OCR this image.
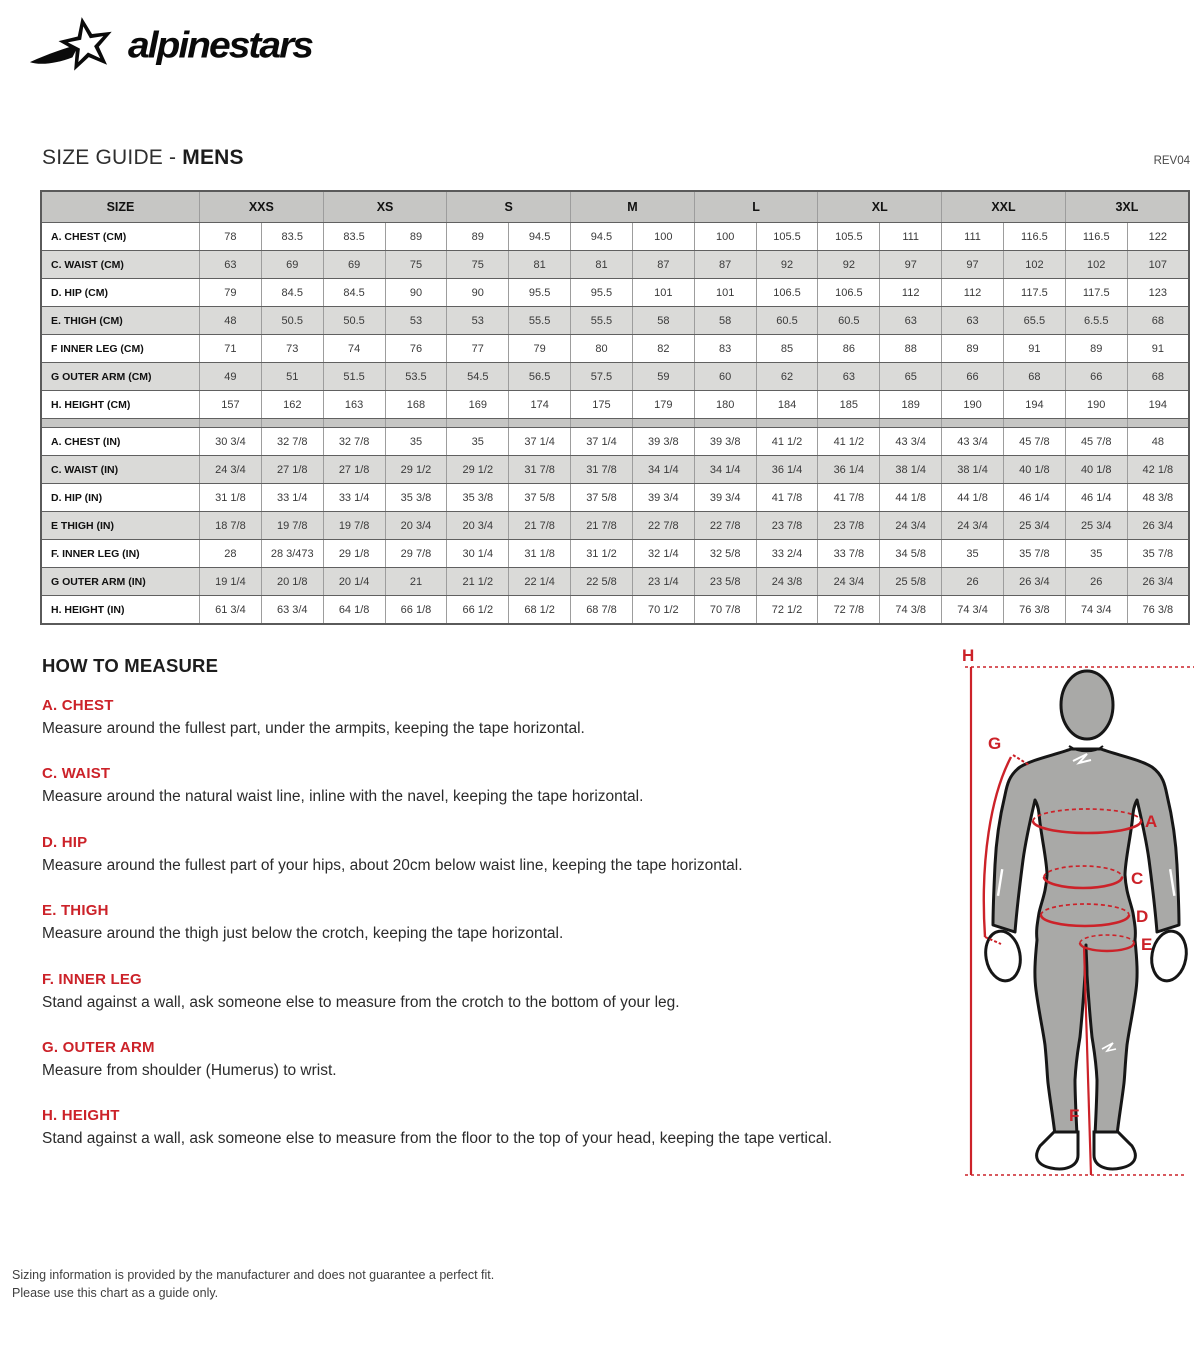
alpinestars
SIZE GUIDE - MENS	REV04
SIZE	XXS		XS		S		M		L		XL		XXL		3XL	
A. CHEST (CM)	78	83.5	83.5	89	89	94.5	94.5	100	100	105.5	105.5	111	111	116.5	116.5	122
C. WAIST (CM)	63	69	69	75	75	81	81	87	87	92	92	97	97	102	102	107
D. HIP (CM)	79	84.5	84.5	90	90	95.5	95.5	101	101	106.5	106.5	112	112	117.5	117.5	123
E. THIGH (CM)	48	50.5	50.5	53	53	55.5	55.5	58	58	60.5	60.5	63	63	65.5	6.5.5	68
F INNER LEG (CM)	71	73	74	76	77	79	80	82	83	85	86	88	89	91	89	91
G OUTER ARM (CM)	49	51	51.5	53.5	54.5	56.5	57.5	59	60	62	63	65	66	68	66	68
H. HEIGHT (CM)	157	162	163	168	169	174	175	179	180	184	185	189	190	194	190	194

A. CHEST (IN)	30 3/4	32 7/8	32 7/8	35	35	37 1/4	37 1/4	39 3/8	39 3/8	41 1/2	41 1/2	43 3/4	43 3/4	45 7/8	45 7/8	48
C. WAIST (IN)	24 3/4	27 1/8	27 1/8	29 1/2	29 1/2	31 7/8	31 7/8	34 1/4	34 1/4	36 1/4	36 1/4	38 1/4	38 1/4	40 1/8	40 1/8	42 1/8
D. HIP (IN)	31 1/8	33 1/4	33 1/4	35 3/8	35 3/8	37 5/8	37 5/8	39 3/4	39 3/4	41 7/8	41 7/8	44 1/8	44 1/8	46 1/4	46 1/4	48 3/8
E THIGH (IN)	18 7/8	19 7/8	19 7/8	20 3/4	20 3/4	21 7/8	21 7/8	22 7/8	22 7/8	23 7/8	23 7/8	24 3/4	24 3/4	25 3/4	25 3/4	26 3/4
F. INNER LEG (IN)	28	28 3/473	29 1/8	29 7/8	30 1/4	31 1/8	31 1/2	32 1/4	32 5/8	33 2/4	33 7/8	34 5/8	35	35 7/8	35	35 7/8
G OUTER ARM (IN)	19 1/4	20 1/8	20 1/4	21	21 1/2	22 1/4	22 5/8	23 1/4	23 5/8	24 3/8	24 3/4	25 5/8	26	26 3/4	26	26 3/4
H. HEIGHT (IN)	61 3/4	63 3/4	64 1/8	66 1/8	66 1/2	68 1/2	68 7/8	70 1/2	70 7/8	72 1/2	72 7/8	74 3/8	74 3/4	76 3/8	74 3/4	76 3/8
HOW TO MEASURE
A. CHEST

Measure around the fullest part, under the armpits, keeping the tape horizontal.

C. WAIST

Measure around the natural waist line, inline with the navel, keeping the tape horizontal.

D. HIP

Measure around the fullest part of your hips, about 20cm below waist line, keeping the tape horizontal.

E. THIGH

Measure around the thigh just below the crotch, keeping the tape horizontal.

F. INNER LEG

Stand against a wall, ask someone else to measure from the crotch to the bottom of your leg.

G. OUTER ARM

Measure from shoulder (Humerus) to wrist.

H. HEIGHT

Stand against a wall, ask someone else to measure from the floor to the top of your head, keeping the tape vertical.

H
G
A
C
D
E
F
Sizing information is provided by the manufacturer and does not guarantee a perfect fit.
Please use this chart as a guide only.
